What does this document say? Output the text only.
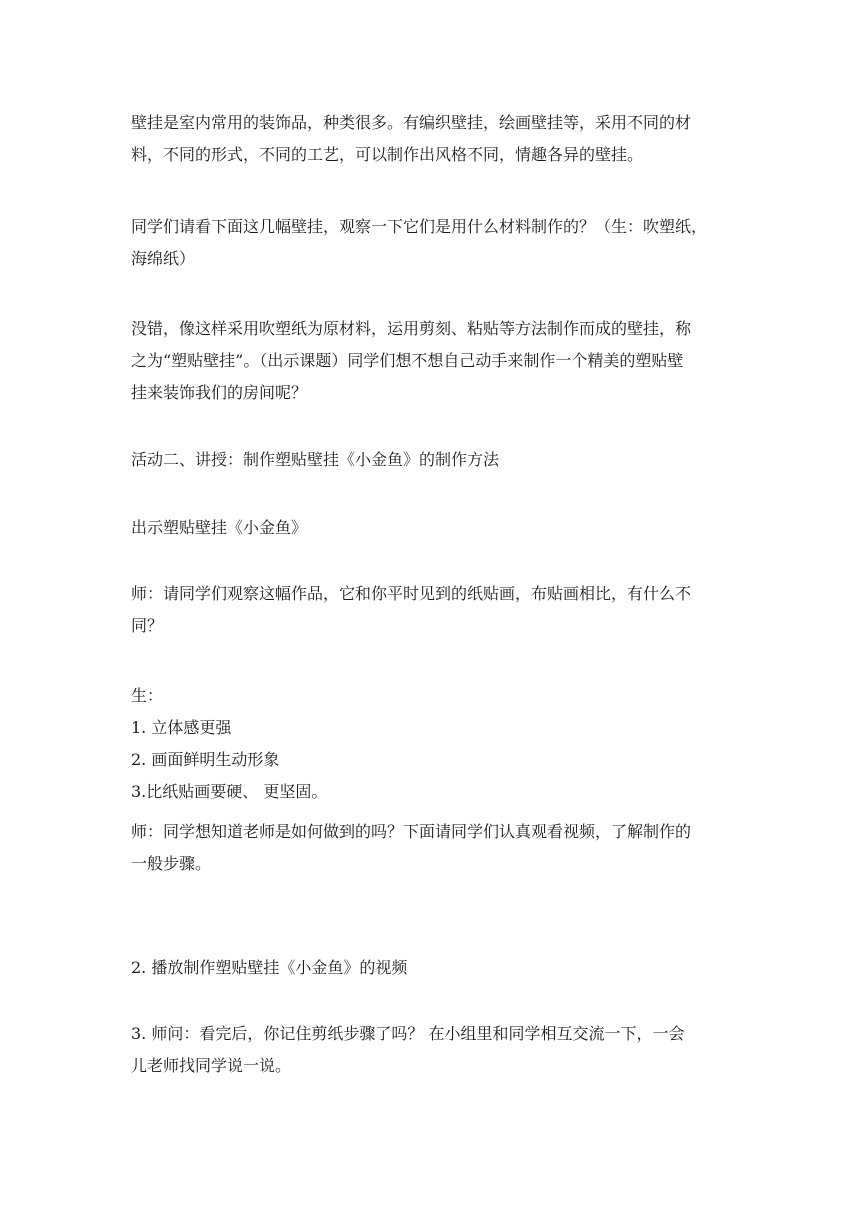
壁挂是室内常用的装饰品，种类很多。有编织壁挂，绘画壁挂等，采用不同的材
料，不同的形式，不同的工艺，可以制作出风格不同，情趣各异的壁挂。
同学们请看下面这几幅壁挂，观察一下它们是用什么材料制作的？（生：吹塑纸，
海绵纸）
没错，像这样采用吹塑纸为原材料，运用剪刻、粘贴等方法制作而成的壁挂，称
之为“塑贴壁挂”。（出示课题）同学们想不想自己动手来制作一个精美的塑贴壁
挂来装饰我们的房间呢？
活动二、讲授：制作塑贴壁挂《小金鱼》的制作方法
出示塑贴壁挂《小金鱼》
师：请同学们观察这幅作品，它和你平时见到的纸贴画，布贴画相比，有什么不
同？
生：
1. 立体感更强
2. 画面鲜明生动形象
3.比纸贴画要硬、 更坚固。
师：同学想知道老师是如何做到的吗？下面请同学们认真观看视频，了解制作的
一般步骤。
2. 播放制作塑贴壁挂《小金鱼》的视频
3. 师问：看完后，你记住剪纸步骤了吗？ 在小组里和同学相互交流一下，一会
儿老师找同学说一说。
